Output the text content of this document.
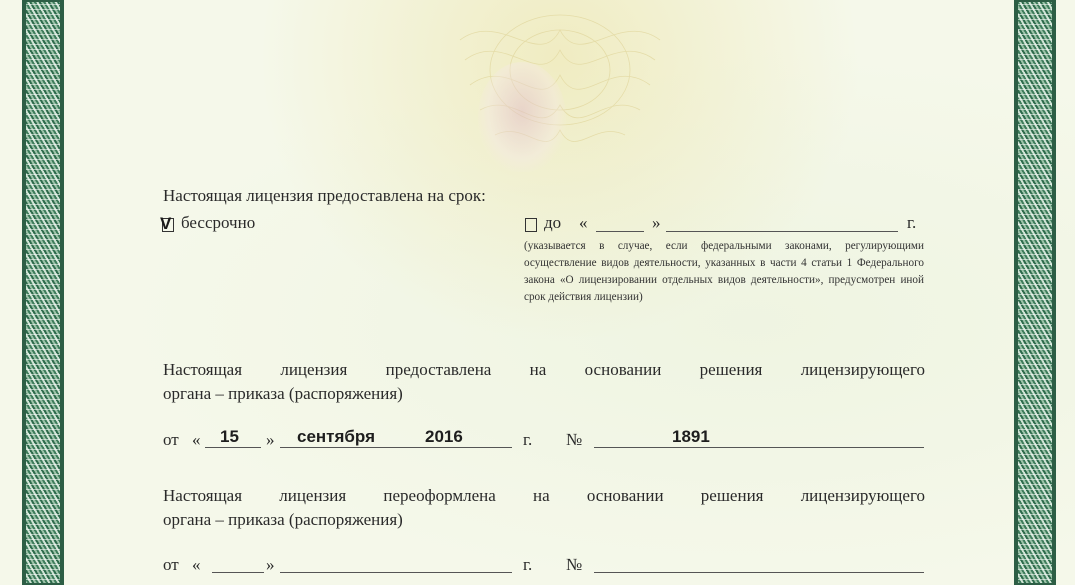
Настоящая лицензия предоставлена на срок:
V бессрочно	до «	»	г.
(указывается в случае, если федеральными законами, регулирующими осуществление видов деятельности, указанных в части 4 статьи 1 Федерального закона «О лицензировании отдельных видов деятельности», предусмотрен иной срок действия лицензии)
Настоящая лицензия предоставлена на основании решения лицензирующего
органа – приказа (распоряжения)
от « 15 » сентября	2016	г. №	1891
Настоящая лицензия переоформлена на основании решения лицензирующего
органа – приказа (распоряжения)
от «	»	г. №
